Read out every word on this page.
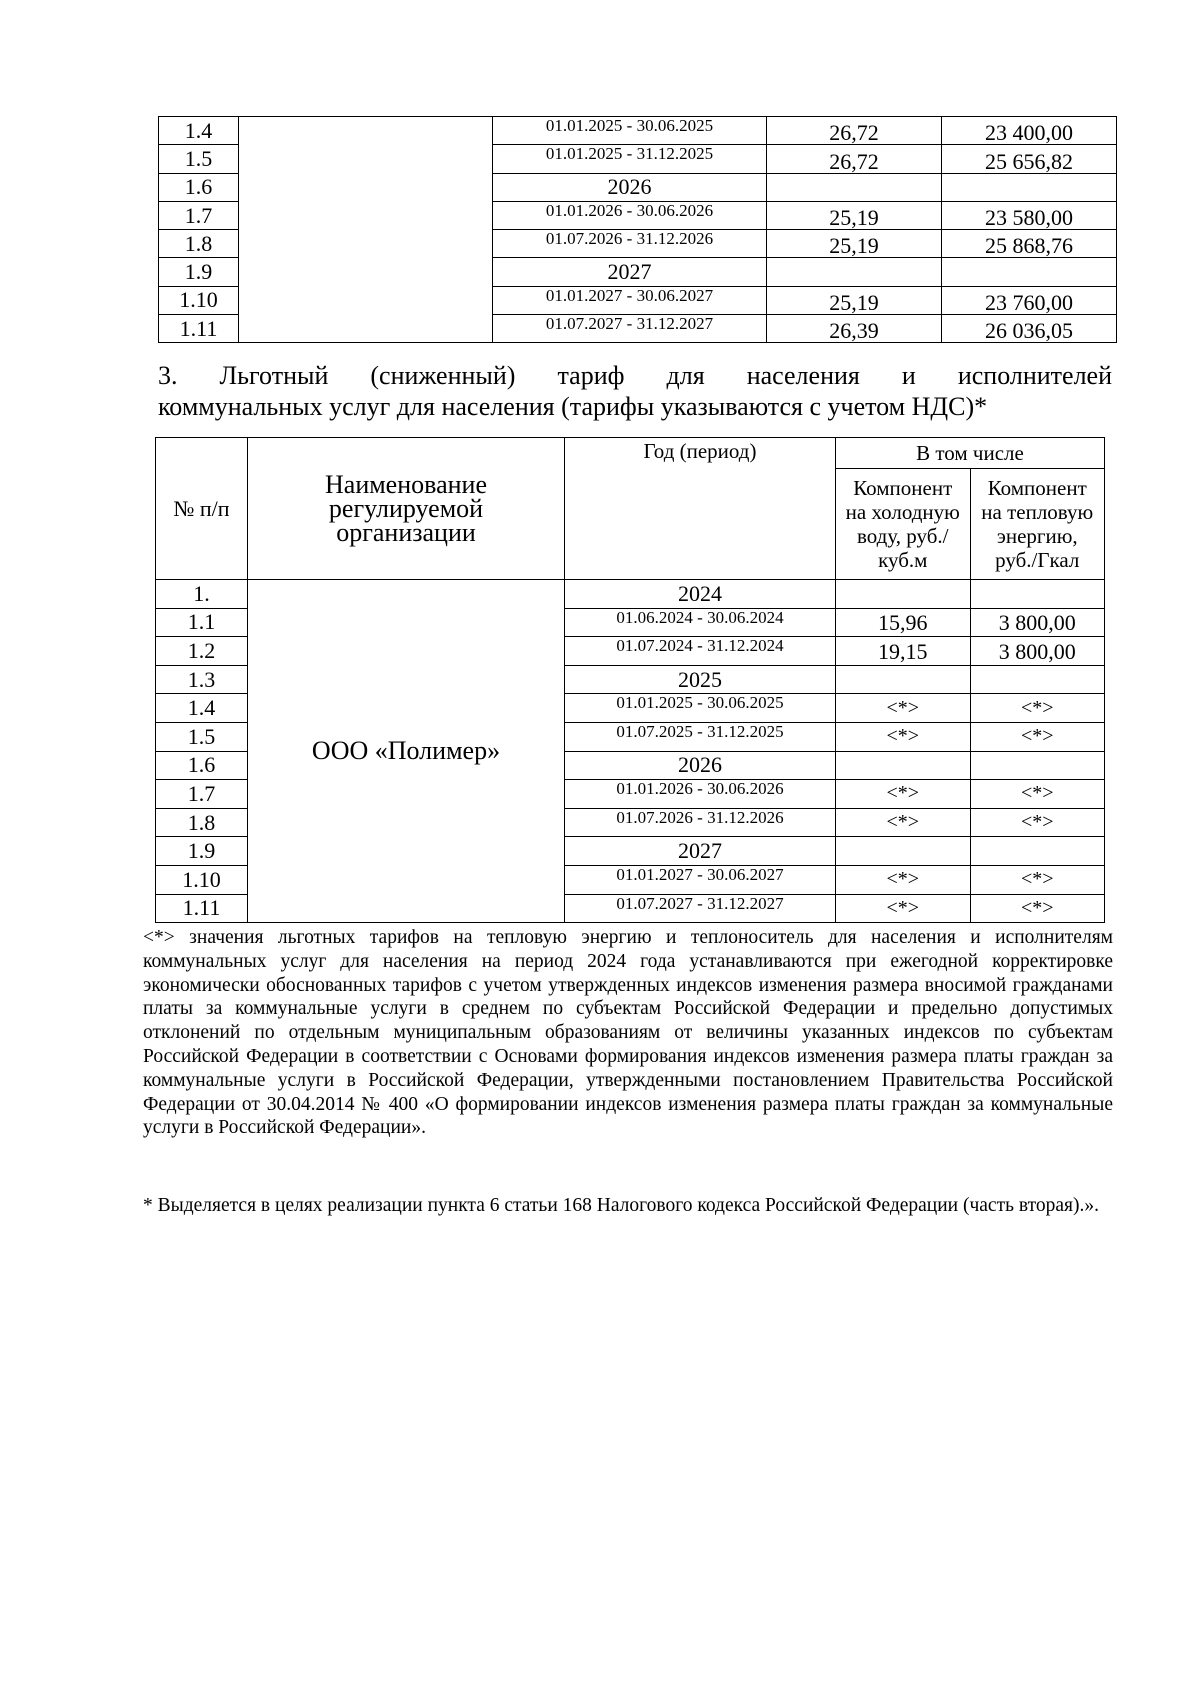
1.4		01.01.2025 - 30.06.2025	26,72	23 400,00
1.5		01.01.2025 - 31.12.2025	26,72	25 656,82
1.6		2026		
1.7		01.01.2026 - 30.06.2026	25,19	23 580,00
1.8		01.07.2026 - 31.12.2026	25,19	25 868,76
1.9		2027		
1.10		01.01.2027 - 30.06.2027	25,19	23 760,00
1.11		01.07.2027 - 31.12.2027	26,39	26 036,05
3. Льготный (сниженный) тариф для населения и исполнителей
коммунальных услуг для населения (тарифы указываются с учетом НДС)*
№ п/п	Наименование регулируемой организации	Год (период)	В том числе	
			Компонент на холодную воду, руб./куб.м	Компонент на тепловую энергию, руб./Гкал
1.	ООО «Полимер»	2024		
1.1		01.06.2024 - 30.06.2024	15,96	3 800,00
1.2		01.07.2024 - 31.12.2024	19,15	3 800,00
1.3		2025		
1.4		01.01.2025 - 30.06.2025	<*>	<*>
1.5		01.07.2025 - 31.12.2025	<*>	<*>
1.6		2026		
1.7		01.01.2026 - 30.06.2026	<*>	<*>
1.8		01.07.2026 - 31.12.2026	<*>	<*>
1.9		2027		
1.10		01.01.2027 - 30.06.2027	<*>	<*>
1.11		01.07.2027 - 31.12.2027	<*>	<*>
<*> значения льготных тарифов на тепловую энергию и теплоноситель для населения и исполнителям коммунальных услуг для населения на период 2024 года устанавливаются при ежегодной корректировке экономически обоснованных тарифов с учетом утвержденных индексов изменения размера вносимой гражданами платы за коммунальные услуги в среднем по субъектам Российской Федерации и предельно допустимых отклонений по отдельным муниципальным образованиям от величины указанных индексов по субъектам Российской Федерации в соответствии с Основами формирования индексов изменения размера платы граждан за коммунальные услуги в Российской Федерации, утвержденными постановлением Правительства Российской Федерации от 30.04.2014 № 400 «О формировании индексов изменения размера платы граждан за коммунальные услуги в Российской Федерации».
* Выделяется в целях реализации пункта 6 статьи 168 Налогового кодекса Российской Федерации (часть вторая).».
